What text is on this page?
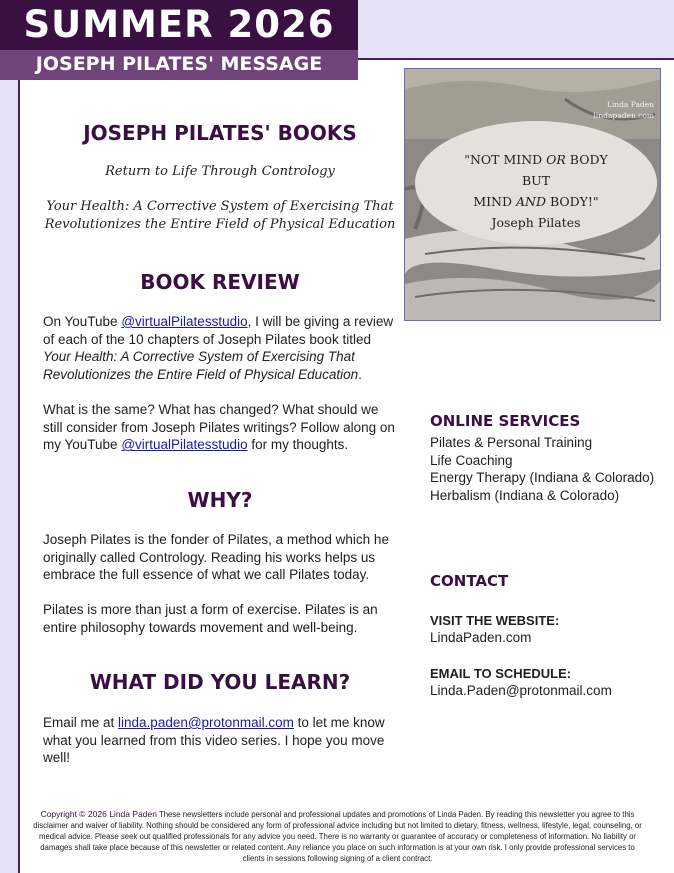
SUMMER 2026
JOSEPH PILATES' MESSAGE
JOSEPH PILATES' BOOKS
Return to Life Through Contrology
Your Health: A Corrective System of Exercising That Revolutionizes the Entire Field of Physical Education
BOOK REVIEW
On YouTube @virtualPilatesstudio, I will be giving a review of each of the 10 chapters of Joseph Pilates book titled Your Health: A Corrective System of Exercising That Revolutionizes the Entire Field of Physical Education.
What is the same? What has changed? What should we still consider from Joseph Pilates writings? Follow along on my YouTube @virtualPilatesstudio for my thoughts.
WHY?
Joseph Pilates is the fonder of Pilates, a method which he originally called Contrology. Reading his works helps us embrace the full essence of what we call Pilates today.
Pilates is more than just a form of exercise. Pilates is an entire philosophy towards movement and well-being.
WHAT DID YOU LEARN?
Email me at linda.paden@protonmail.com to let me know what you learned from this video series. I hope you move well!
Linda Paden
lindapaden.com
"NOT MIND OR BODY
BUT
MIND AND BODY!"
Joseph Pilates
ONLINE SERVICES
Pilates & Personal Training
Life Coaching
Energy Therapy (Indiana & Colorado)
Herbalism (Indiana & Colorado)
CONTACT
VISIT THE WEBSITE:
LindaPaden.com
EMAIL TO SCHEDULE:
Linda.Paden@protonmail.com
Copyright © 2026 Linda Paden These newsletters include personal and professional updates and promotions of Linda Paden. By reading this newsletter you agree to this disclaimer and waiver of liability. Nothing should be considered any form of professional advice including but not limited to dietary, fitness, wellness, lifestyle, legal, counseling, or medical advice. Please seek out qualified professionals for any advice you need. There is no warranty or guarantee of accuracy or completeness of information. No liability or damages shall take place because of this newsletter or related content. Any reliance you place on such information is at your own risk. I only provide professional services to clients in sessions following signing of a client contract.
